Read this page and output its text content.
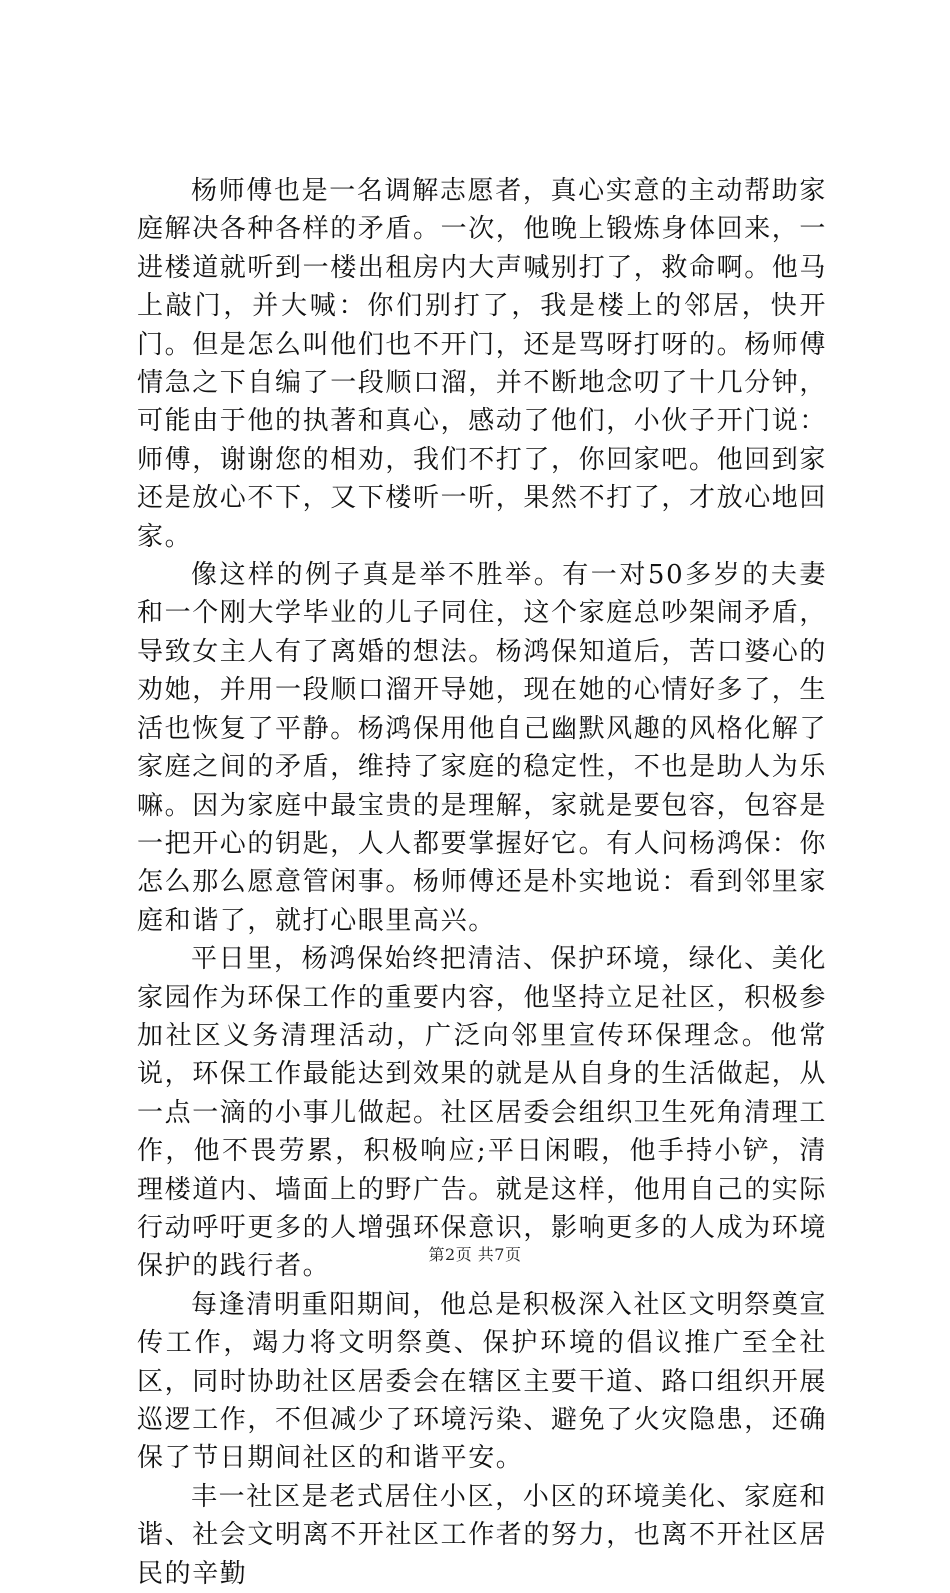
杨师傅也是一名调解志愿者，真心实意的主动帮助家庭解决各种各样的矛盾。一次，他晚上锻炼身体回来，一进楼道就听到一楼出租房内大声喊别打了，救命啊。他马上敲门，并大喊：你们别打了，我是楼上的邻居，快开门。但是怎么叫他们也不开门，还是骂呀打呀的。杨师傅情急之下自编了一段顺口溜，并不断地念叨了十几分钟，可能由于他的执著和真心，感动了他们，小伙子开门说：师傅，谢谢您的相劝，我们不打了，你回家吧。他回到家还是放心不下，又下楼听一听，果然不打了，才放心地回家。

像这样的例子真是举不胜举。有一对50多岁的夫妻和一个刚大学毕业的儿子同住，这个家庭总吵架闹矛盾，导致女主人有了离婚的想法。杨鸿保知道后，苦口婆心的劝她，并用一段顺口溜开导她，现在她的心情好多了，生活也恢复了平静。杨鸿保用他自己幽默风趣的风格化解了家庭之间的矛盾，维持了家庭的稳定性，不也是助人为乐嘛。因为家庭中最宝贵的是理解，家就是要包容，包容是一把开心的钥匙，人人都要掌握好它。有人问杨鸿保：你怎么那么愿意管闲事。杨师傅还是朴实地说：看到邻里家庭和谐了，就打心眼里高兴。

平日里，杨鸿保始终把清洁、保护环境，绿化、美化家园作为环保工作的重要内容，他坚持立足社区，积极参加社区义务清理活动，广泛向邻里宣传环保理念。他常说，环保工作最能达到效果的就是从自身的生活做起，从一点一滴的小事儿做起。社区居委会组织卫生死角清理工作，他不畏劳累，积极响应;平日闲暇，他手持小铲，清理楼道内、墙面上的野广告。就是这样，他用自己的实际行动呼吁更多的人增强环保意识，影响更多的人成为环境保护的践行者。

每逢清明重阳期间，他总是积极深入社区文明祭奠宣传工作，竭力将文明祭奠、保护环境的倡议推广至全社区，同时协助社区居委会在辖区主要干道、路口组织开展巡逻工作，不但减少了环境污染、避免了火灾隐患，还确保了节日期间社区的和谐平安。

丰一社区是老式居住小区，小区的环境美化、家庭和谐、社会文明离不开社区工作者的努力，也离不开社区居民的辛勤

第2页 共7页
